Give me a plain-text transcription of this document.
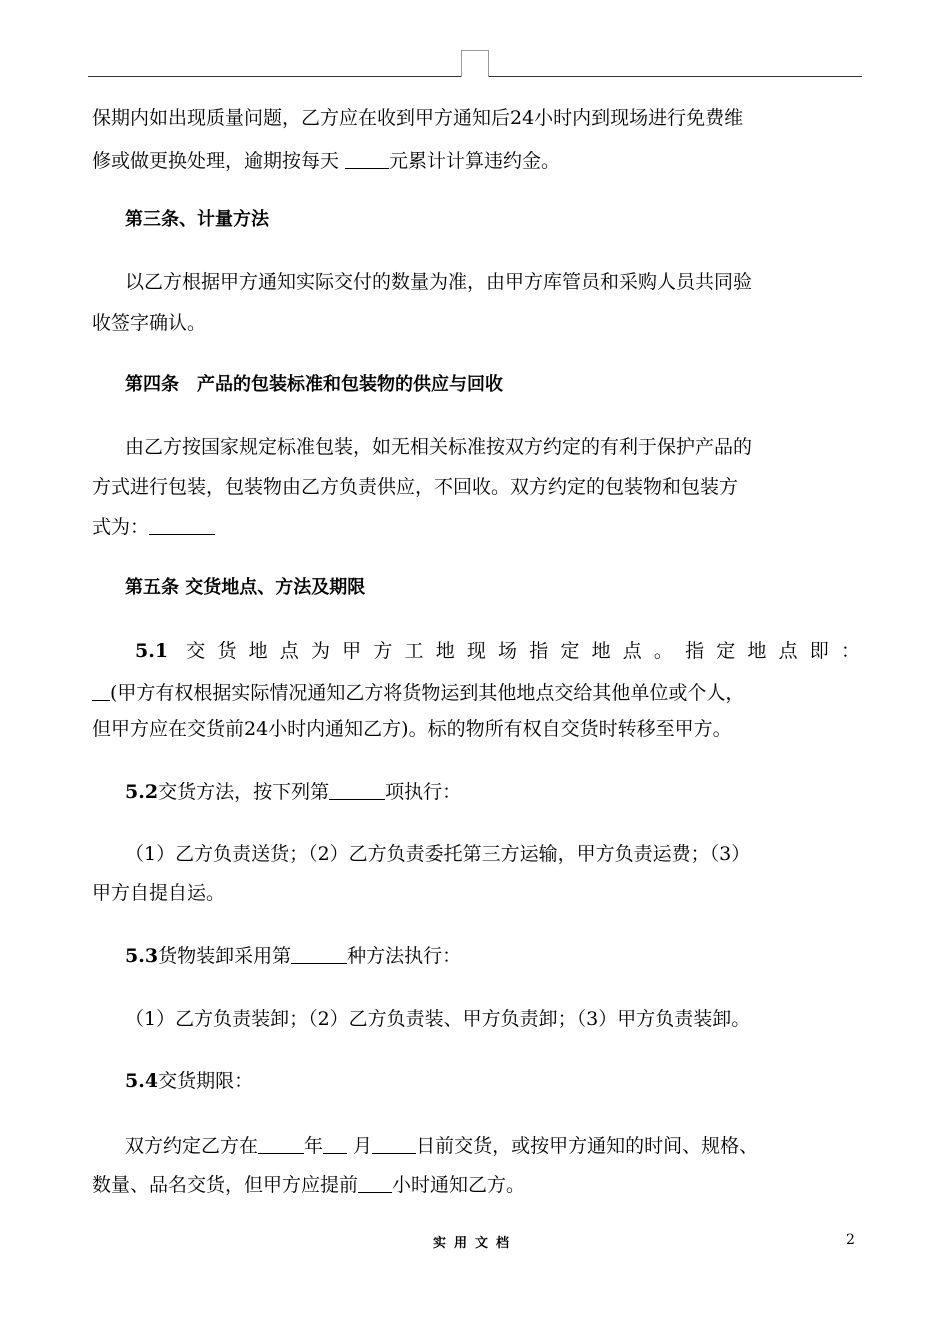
保期内如出现质量问题，乙方应在收到甲方通知后24小时内到现场进行免费维
修或做更换处理，逾期按每天 元累计计算违约金。
第三条、计量方法
以乙方根据甲方通知实际交付的数量为准，由甲方库管员和采购人员共同验
收签字确认。
第四条　产品的包装标准和包装物的供应与回收
由乙方按国家规定标准包装，如无相关标准按双方约定的有利于保护产品的
方式进行包装，包装物由乙方负责供应，不回收。双方约定的包装物和包装方
式为：
第五条 交货地点、方法及期限
5.1 交货地点为甲方工地现场指定地点。指定地点即：
(甲方有权根据实际情况通知乙方将货物运到其他地点交给其他单位或个人，
但甲方应在交货前24小时内通知乙方)。标的物所有权自交货时转移至甲方。
5.2交货方法，按下列第	项执行：
（1）乙方负责送货；（2）乙方负责委托第三方运输，甲方负责运费；（3）
甲方自提自运。
5.3货物装卸采用第	种方法执行：
（1）乙方负责装卸；（2）乙方负责装、甲方负责卸；（3）甲方负责装卸。
5.4交货期限：
双方约定乙方在 年 月 日前交货，或按甲方通知的时间、规格、
数量、品名交货，但甲方应提前 小时通知乙方。
实用文档	2
